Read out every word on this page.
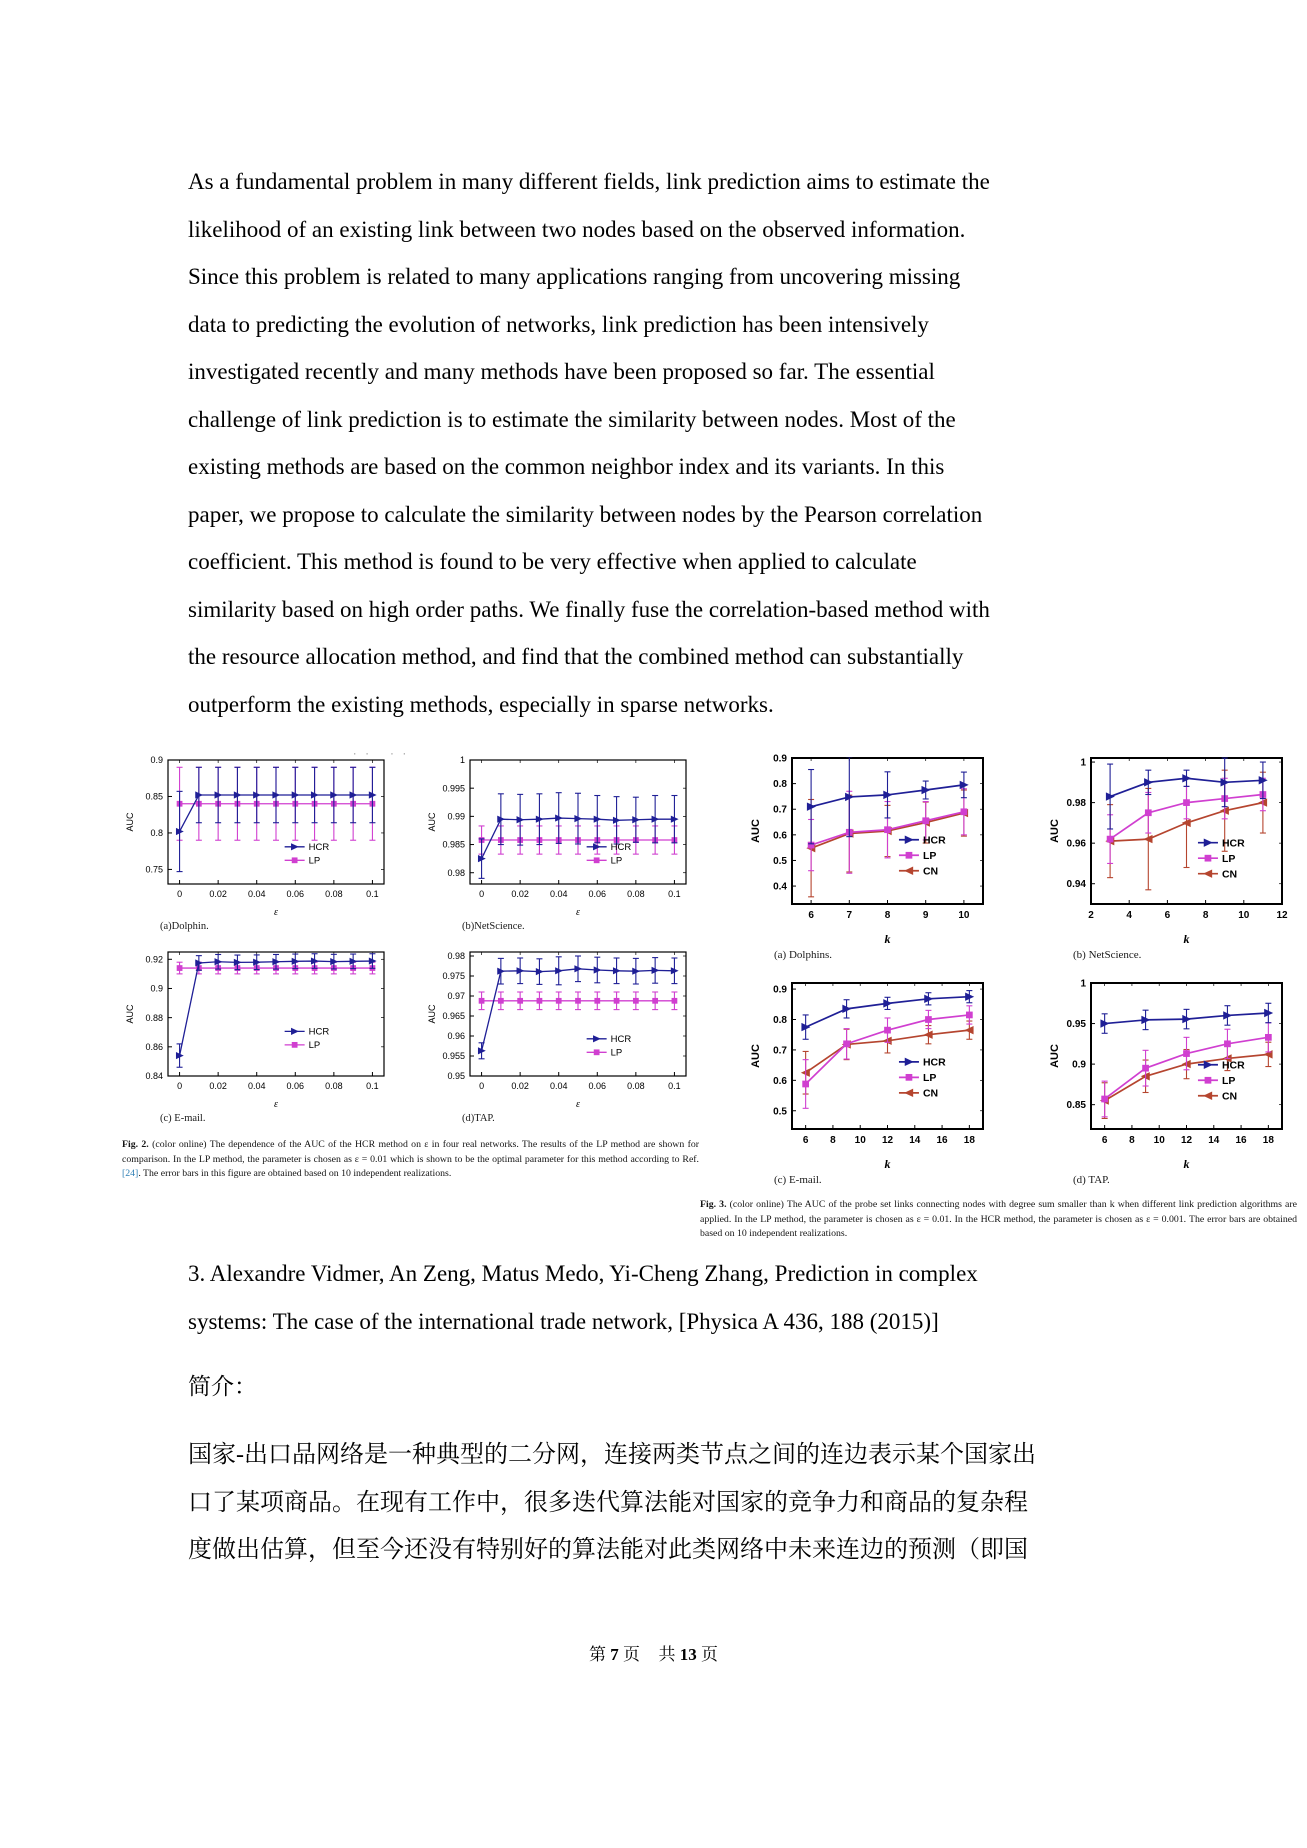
As a fundamental problem in many different fields, link prediction aims to estimate the
likelihood of an existing link between two nodes based on the observed information.
Since this problem is related to many applications ranging from uncovering missing
data to predicting the evolution of networks, link prediction has been intensively
investigated recently and many methods have been proposed so far. The essential
challenge of link prediction is to estimate the similarity between nodes. Most of the
existing methods are based on the common neighbor index and its variants. In this
paper, we propose to calculate the similarity between nodes by the Pearson correlation
coefficient. This method is found to be very effective when applied to calculate
similarity based on high order paths. We finally fuse the correlation-based method with
the resource allocation method, and find that the combined method can substantially
outperform the existing methods, especially in sparse networks.
·· ··
0	0.02 0.04 0.06 0.08	0.1
0.75
0.8
0.85
0.9
ε
AUC
HCR
LP
(a)Dolphin.
0	0.02 0.04 0.06 0.08	0.1
0.98
0.985
0.99
0.995
1
ε
AUC
HCR
LP
(b)NetScience.
0	0.02 0.04 0.06 0.08	0.1
0.84
0.86
0.88
0.9
0.92
ε
AUC
HCR
LP
(c) E-mail.
0	0.02 0.04 0.06 0.08	0.1
0.95
0.955
0.96
0.965
0.97
0.975
0.98
ε
AUC
HCR
LP
(d)TAP.

Fig. 2. (color online) The dependence of the AUC of the HCR method on ε in four real networks. The results of the LP method are shown for comparison. In the LP method, the parameter is chosen as ε = 0.01 which is shown to be the optimal parameter for this method according to Ref. [24]. The error bars in this figure are obtained based on 10 independent realizations.

6	7	8	9	10
0.4
0.5
0.6
0.7
0.8
0.9
k
AUC	HCR
LP
CN
(a) Dolphins.
2	4	6	8	10	12
0.94
0.96
0.98
1
k
AUC
HCR
LP
CN
(b) NetScience.
6 8 10 12 14 16 18
0.5
0.6
0.7
0.8
0.9
k
AUC	HCR
LP
CN
(c) E-mail.
6 8 10 12 14 16 18
0.85
0.9
0.95
1
k
AUC	HCR
LP
CN
(d) TAP.

Fig. 3. (color online) The AUC of the probe set links connecting nodes with degree sum smaller than k when different link prediction algorithms are applied. In the LP method, the parameter is chosen as ε = 0.01. In the HCR method, the parameter is chosen as ε = 0.001. The error bars are obtained based on 10 independent realizations.

3. Alexandre Vidmer, An Zeng, Matus Medo, Yi-Cheng Zhang, Prediction in complex
systems: The case of the international trade network, [Physica A 436, 188 (2015)]
简介：
国家-出口品网络是一种典型的二分网，连接两类节点之间的连边表示某个国家出
口了某项商品。在现有工作中，很多迭代算法能对国家的竞争力和商品的复杂程
度做出估算，但至今还没有特别好的算法能对此类网络中未来连边的预测（即国
第 7 页 共 13 页
